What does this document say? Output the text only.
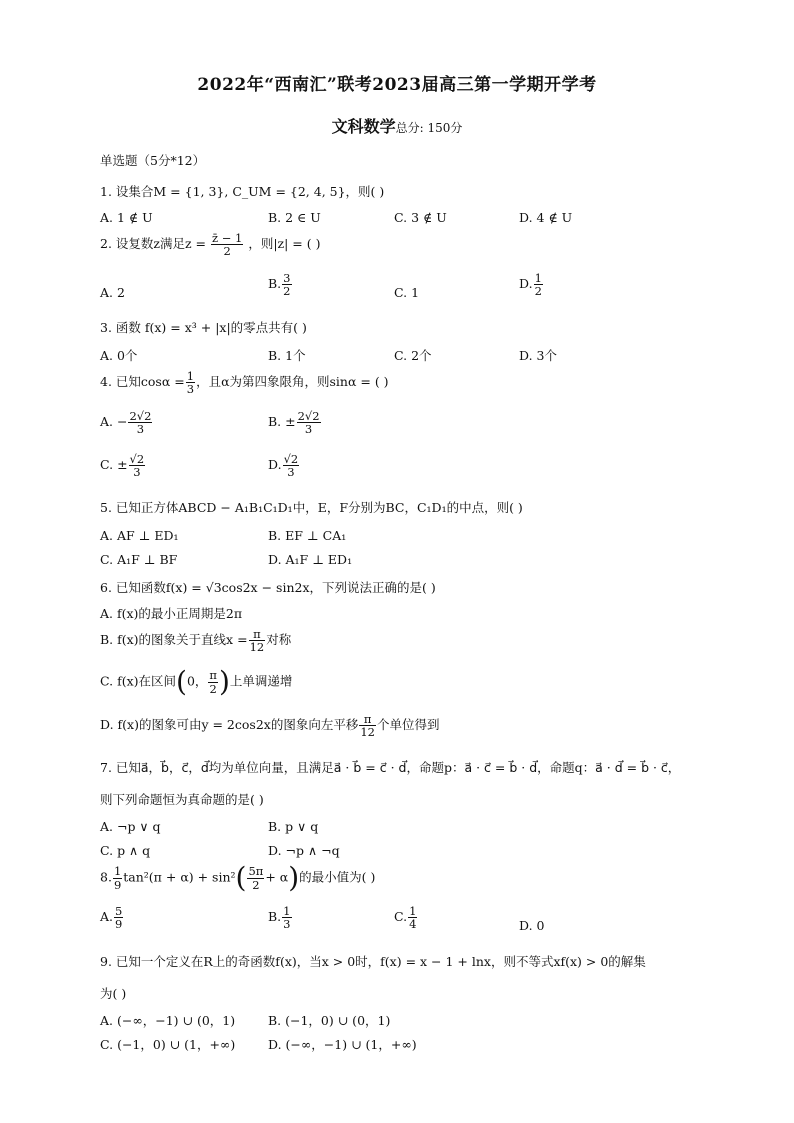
2022年“西南汇”联考2023届高三第一学期开学考
文科数学总分: 150分
单选题（5分*12）
1. 设集合M = {1, 3}, C_UM = {2, 4, 5}，则( )
A. 1 ∉ U	B. 2 ∈ U	C. 3 ∉ U	D. 4 ∉ U
2. 设复数z满足$z = \frac{z̄ - 1}{2}$ ，则|z| = ( )
A. 2
B. $\frac{3}{2}$	C. 1
D. $\frac{1}{2}$
3. 函数 f(x) = x³ + |x|的零点共有( )
A. 0个	B. 1个	C. 2个	D. 3个
4. 已知$\cos\alpha = \frac{1}{3}$ ，且α为第四象限角，则sinα = ( )
A. − $\frac{2√2}{3}$	B. ± $\frac{2√2}{3}$
C. ± $\frac{√2}{3}$	D. $\frac{√2}{3}$
5. 已知正方体ABCD − A₁B₁C₁D₁中，E，F分别为BC，C₁D₁的中点，则( )
A. AF ⊥ ED₁	B. EF ⊥ CA₁
C. A₁F ⊥ BF	D. A₁F ⊥ ED₁
6. 已知函数f(x) = √3cos2x − sin2x，下列说法正确的是( )
A. f(x)的最小正周期是2π
B. f(x)的图象关于直线$x = \frac{\pi}{12}$ 对称
C. f(x)在区间(0， $\frac{\pi}{2}$ )上单调递增
D. f(x)的图象可由y = 2cos2x的图象向左平移 $\frac{\pi}{12}$ 个单位得到
7. 已知a⃗，b⃗，c⃗，d⃗均为单位向量，且满足a⃗ · b⃗ = c⃗ · d⃗，命题p：a⃗ · c⃗ = b⃗ · d⃗，命题q：a⃗ · d⃗ = b⃗ · c⃗，
则下列命题恒为真命题的是( )
A. ¬p ∨ q	B. p ∨ q
C. p ∧ q	D. ¬p ∧ ¬q
8. $\frac{1}{9} \tan^2(\pi + \alpha) + \sin^2( \frac{5\pi}{2} + \alpha)$的最小值为( )
A. $\frac{5}{9}$	B. $\frac{1}{3}$	C. $\frac{1}{4}$	D. 0
9. 已知一个定义在R上的奇函数f(x)，当x > 0时，f(x) = x − 1 + lnx，则不等式xf(x) > 0的解集
为( )
A. (−∞，−1) ∪ (0，1)	B. (−1，0) ∪ (0，1)
C. (−1，0) ∪ (1，+∞)	D. (−∞，−1) ∪ (1，+∞)
